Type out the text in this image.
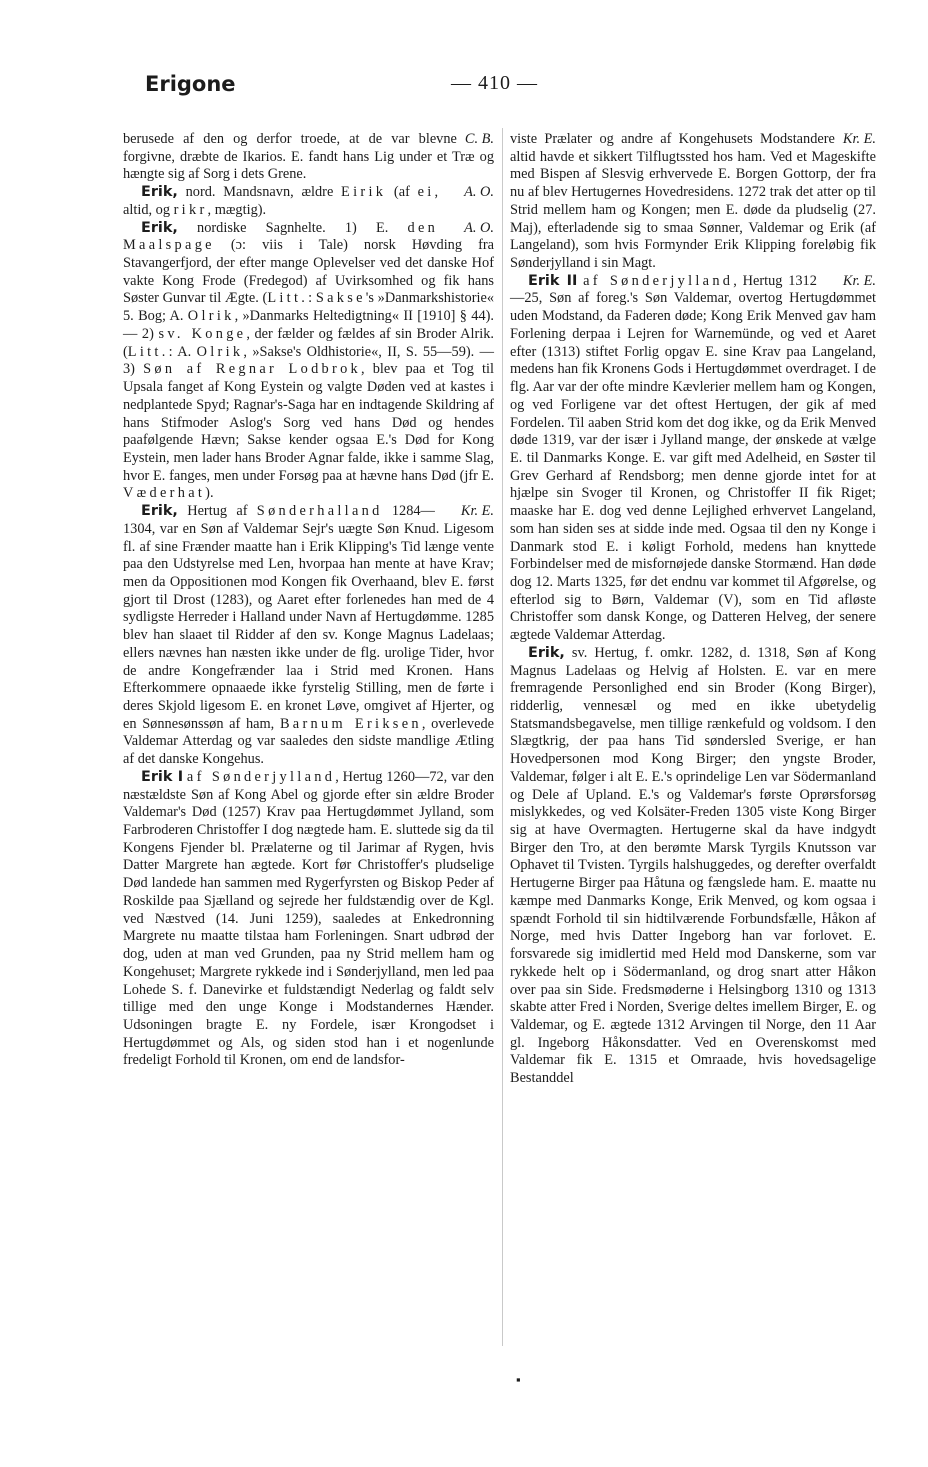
Erigone	— 410 —

C. B.
berusede af den og derfor troede, at de var blevne forgivne, dræbte de Ikarios. E. fandt hans Lig under et Træ og hængte sig af Sorg i dets Grene.

A. O.
Erik, nord. Mandsnavn, ældre Eirik (af ei, altid, og rikr, mægtig).

A. O.
Erik, nordiske Sagnhelte. 1) E. den Maalspage (ɔ: viis i Tale) norsk Høvding fra Stavangerfjord, der efter mange Oplevelser ved det danske Hof vakte Kong Frode (Fredegod) af Uvirksomhed og fik hans Søster Gunvar til Ægte. (Litt.: Sakse's »Danmarkshistorie« 5. Bog; A. Olrik, »Danmarks Heltedigtning« II [1910] § 44). — 2) sv. Konge, der fælder og fældes af sin Broder Alrik. (Litt.: A. Olrik, »Sakse's Oldhistorie«, II, S. 55—59). — 3) Søn af Regnar Lodbrok, blev paa et Tog til Upsala fanget af Kong Eystein og valgte Døden ved at kastes i nedplantede Spyd; Ragnar's-Saga har en indtagende Skildring af hans Stifmoder Aslog's Sorg ved hans Død og hendes paafølgende Hævn; Sakse kender ogsaa E.'s Død for Kong Eystein, men lader hans Broder Agnar falde, ikke i samme Slag, hvor E. fanges, men under Forsøg paa at hævne hans Død (jfr E. Væderhat).

Kr. E.
Erik, Hertug af Sønderhalland 1284—1304, var en Søn af Valdemar Sejr's uægte Søn Knud. Ligesom fl. af sine Frænder maatte han i Erik Klipping's Tid længe vente paa den Udstyrelse med Len, hvorpaa han mente at have Krav; men da Oppositionen mod Kongen fik Overhaand, blev E. først gjort til Drost (1283), og Aaret efter forlenedes han med de 4 sydligste Herreder i Halland under Navn af Hertugdømme. 1285 blev han slaaet til Ridder af den sv. Konge Magnus Ladelaas; ellers nævnes han næsten ikke under de flg. urolige Tider, hvor de andre Kongefrænder laa i Strid med Kronen. Hans Efterkommere opnaaede ikke fyrstelig Stilling, men de førte i deres Skjold ligesom E. en kronet Løve, omgivet af Hjerter, og en Sønnesønssøn af ham, Barnum Eriksen, overlevede Valdemar Atterdag og var saaledes den sidste mandlige Ætling af det danske Kongehus.

Erik I af Sønderjylland, Hertug 1260—72, var den næstældste Søn af Kong Abel og gjorde efter sin ældre Broder Valdemar's Død (1257) Krav paa Hertugdømmet Jylland, som Farbroderen Christoffer I dog nægtede ham. E. sluttede sig da til Kongens Fjender bl. Prælaterne og til Jarimar af Rygen, hvis Datter Margrete han ægtede. Kort før Christoffer's pludselige Død landede han sammen med Rygerfyrsten og Biskop Peder af Roskilde paa Sjælland og sejrede her fuldstændig over de Kgl. ved Næstved (14. Juni 1259), saaledes at Enkedronning Margrete nu maatte tilstaa ham Forleningen. Snart udbrød der dog, uden at man ved Grunden, paa ny Strid mellem ham og Kongehuset; Margrete rykkede ind i Sønderjylland, men led paa Lohede S. f. Danevirke et fuldstændigt Nederlag og faldt selv tillige med den unge Konge i Modstandernes Hænder. Udsoningen bragte E. ny Fordele, især Krongodset i Hertugdømmet og Als, og siden stod han i et nogenlunde fredeligt Forhold til Kronen, om end de landsfor-

Kr. E.
viste Prælater og andre af Kongehusets Modstandere altid havde et sikkert Tilflugtssted hos ham. Ved et Mageskifte med Bispen af Slesvig erhvervede E. Borgen Gottorp, der fra nu af blev Hertugernes Hovedresidens. 1272 trak det atter op til Strid mellem ham og Kongen; men E. døde da pludselig (27. Maj), efterladende sig to smaa Sønner, Valdemar og Erik (af Langeland), som hvis Formynder Erik Klipping foreløbig fik Sønderjylland i sin Magt.

Kr. E.
Erik II af Sønderjylland, Hertug 1312—25, Søn af foreg.'s Søn Valdemar, overtog Hertugdømmet uden Modstand, da Faderen døde; Kong Erik Menved gav ham Forlening derpaa i Lejren for Warnemünde, og ved et Aaret efter (1313) stiftet Forlig opgav E. sine Krav paa Langeland, medens han fik Kronens Gods i Hertugdømmet overdraget. I de flg. Aar var der ofte mindre Kævlerier mellem ham og Kongen, og ved Forligene var det oftest Hertugen, der gik af med Fordelen. Til aaben Strid kom det dog ikke, og da Erik Menved døde 1319, var der især i Jylland mange, der ønskede at vælge E. til Danmarks Konge. E. var gift med Adelheid, en Søster til Grev Gerhard af Rendsborg; men denne gjorde intet for at hjælpe sin Svoger til Kronen, og Christoffer II fik Riget; maaske har E. dog ved denne Lejlighed erhvervet Langeland, som han siden ses at sidde inde med. Ogsaa til den ny Konge i Danmark stod E. i køligt Forhold, medens han knyttede Forbindelser med de misfornøjede danske Stormænd. Han døde dog 12. Marts 1325, før det endnu var kommet til Afgørelse, og efterlod sig to Børn, Valdemar (V), som en Tid afløste Christoffer som dansk Konge, og Datteren Helveg, der senere ægtede Valdemar Atterdag.

Erik, sv. Hertug, f. omkr. 1282, d. 1318, Søn af Kong Magnus Ladelaas og Helvig af Holsten. E. var en mere fremragende Personlighed end sin Broder (Kong Birger), ridderlig, vennesæl og med en ikke ubetydelig Statsmandsbegavelse, men tillige rænkefuld og voldsom. I den Slægtkrig, der paa hans Tid søndersled Sverige, er han Hovedpersonen mod Kong Birger; den yngste Broder, Valdemar, følger i alt E. E.'s oprindelige Len var Södermanland og Dele af Upland. E.'s og Valdemar's første Oprørsforsøg mislykkedes, og ved Kolsäter-Freden 1305 viste Kong Birger sig at have Overmagten. Hertugerne skal da have indgydt Birger den Tro, at den berømte Marsk Tyrgils Knutsson var Ophavet til Tvisten. Tyrgils halshuggedes, og derefter overfaldt Hertugerne Birger paa Håtuna og fængslede ham. E. maatte nu kæmpe med Danmarks Konge, Erik Menved, og kom ogsaa i spændt Forhold til sin hidtilværende Forbundsfælle, Håkon af Norge, med hvis Datter Ingeborg han var forlovet. E. forsvarede sig imidlertid med Held mod Danskerne, som var rykkede helt op i Södermanland, og drog snart atter Håkon over paa sin Side. Fredsmøderne i Helsingborg 1310 og 1313 skabte atter Fred i Norden, Sverige deltes imellem Birger, E. og Valdemar, og E. ægtede 1312 Arvingen til Norge, den 11 Aar gl. Ingeborg Håkonsdatter. Ved en Overenskomst med Valdemar fik E. 1315 et Omraade, hvis hovedsagelige Bestanddel

▪
